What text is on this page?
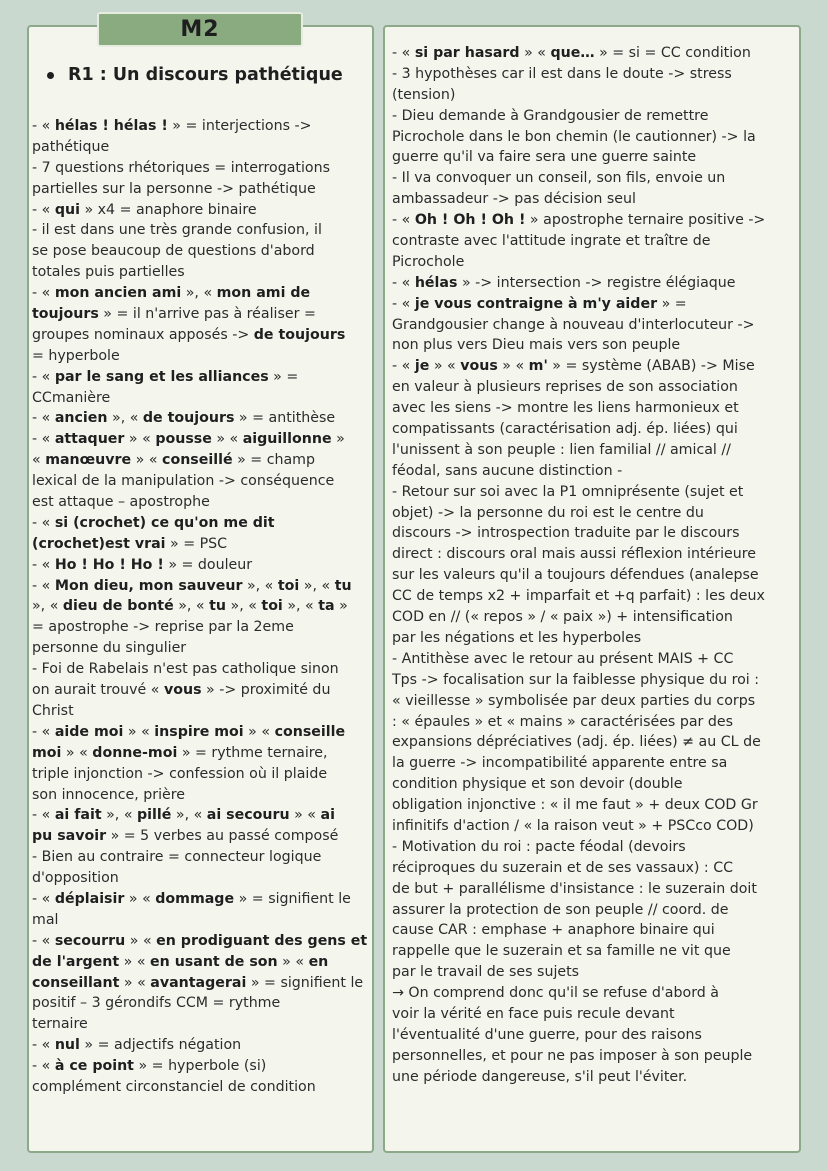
R1 : Un discours pathétique
- « hélas ! hélas ! » = interjections ->
pathétique
- 7 questions rhétoriques = interrogations
partielles sur la personne -> pathétique
- « qui » x4 = anaphore binaire
- il est dans une très grande confusion, il
se pose beaucoup de questions d'abord
totales puis partielles
- « mon ancien ami », « mon ami de
toujours » = il n'arrive pas à réaliser =
groupes nominaux apposés -> de toujours
= hyperbole
- « par le sang et les alliances » =
CCmanière
- « ancien », « de toujours » = antithèse
- « attaquer » « pousse » « aiguillonne »
« manœuvre » « conseillé » = champ
lexical de la manipulation -> conséquence
est attaque – apostrophe
- « si (crochet) ce qu'on me dit
(crochet)est vrai » = PSC
- « Ho ! Ho ! Ho ! » = douleur
- « Mon dieu, mon sauveur », « toi », « tu
», « dieu de bonté », « tu », « toi », « ta »
= apostrophe -> reprise par la 2eme
personne du singulier
- Foi de Rabelais n'est pas catholique sinon
on aurait trouvé « vous » -> proximité du
Christ
- « aide moi » « inspire moi » « conseille
moi » « donne-moi » = rythme ternaire,
triple injonction -> confession où il plaide
son innocence, prière
- « ai fait », « pillé », « ai secouru » « ai
pu savoir » = 5 verbes au passé composé
- Bien au contraire = connecteur logique
d'opposition
- « déplaisir » « dommage » = signifient le
mal
- « secourru » « en prodiguant des gens et
de l'argent » « en usant de son » « en
conseillant » « avantagerai » = signifient le
positif – 3 gérondifs CCM = rythme
ternaire
- « nul » = adjectifs négation
- « à ce point » = hyperbole (si)
complément circonstanciel de condition
- « si par hasard » « que… » = si = CC condition
- 3 hypothèses car il est dans le doute -> stress
(tension)
- Dieu demande à Grandgousier de remettre
Picrochole dans le bon chemin (le cautionner) -> la
guerre qu'il va faire sera une guerre sainte
- Il va convoquer un conseil, son fils, envoie un
ambassadeur -> pas décision seul
- « Oh ! Oh ! Oh ! » apostrophe ternaire positive ->
contraste avec l'attitude ingrate et traître de
Picrochole
- « hélas » -> intersection -> registre élégiaque
- « je vous contraigne à m'y aider » =
Grandgousier change à nouveau d'interlocuteur ->
non plus vers Dieu mais vers son peuple
- « je » « vous » « m' » = système (ABAB) -> Mise
en valeur à plusieurs reprises de son association
avec les siens -> montre les liens harmonieux et
compatissants (caractérisation adj. ép. liées) qui
l'unissent à son peuple : lien familial // amical //
féodal, sans aucune distinction -
- Retour sur soi avec la P1 omniprésente (sujet et
objet) -> la personne du roi est le centre du
discours -> introspection traduite par le discours
direct : discours oral mais aussi réflexion intérieure
sur les valeurs qu'il a toujours défendues (analepse
CC de temps x2 + imparfait et +q parfait) : les deux
COD en // (« repos » / « paix ») + intensification
par les négations et les hyperboles
- Antithèse avec le retour au présent MAIS + CC
Tps -> focalisation sur la faiblesse physique du roi :
« vieillesse » symbolisée par deux parties du corps
: « épaules » et « mains » caractérisées par des
expansions dépréciatives (adj. ép. liées) ≠ au CL de
la guerre -> incompatibilité apparente entre sa
condition physique et son devoir (double
obligation injonctive : « il me faut » + deux COD Gr
infinitifs d'action / « la raison veut » + PSCco COD)
- Motivation du roi : pacte féodal (devoirs
réciproques du suzerain et de ses vassaux) : CC
de but + parallélisme d'insistance : le suzerain doit
assurer la protection de son peuple // coord. de
cause CAR : emphase + anaphore binaire qui
rappelle que le suzerain et sa famille ne vit que
par le travail de ses sujets
→ On comprend donc qu'il se refuse d'abord à
voir la vérité en face puis recule devant
l'éventualité d'une guerre, pour des raisons
personnelles, et pour ne pas imposer à son peuple
une période dangereuse, s'il peut l'éviter.
M2
